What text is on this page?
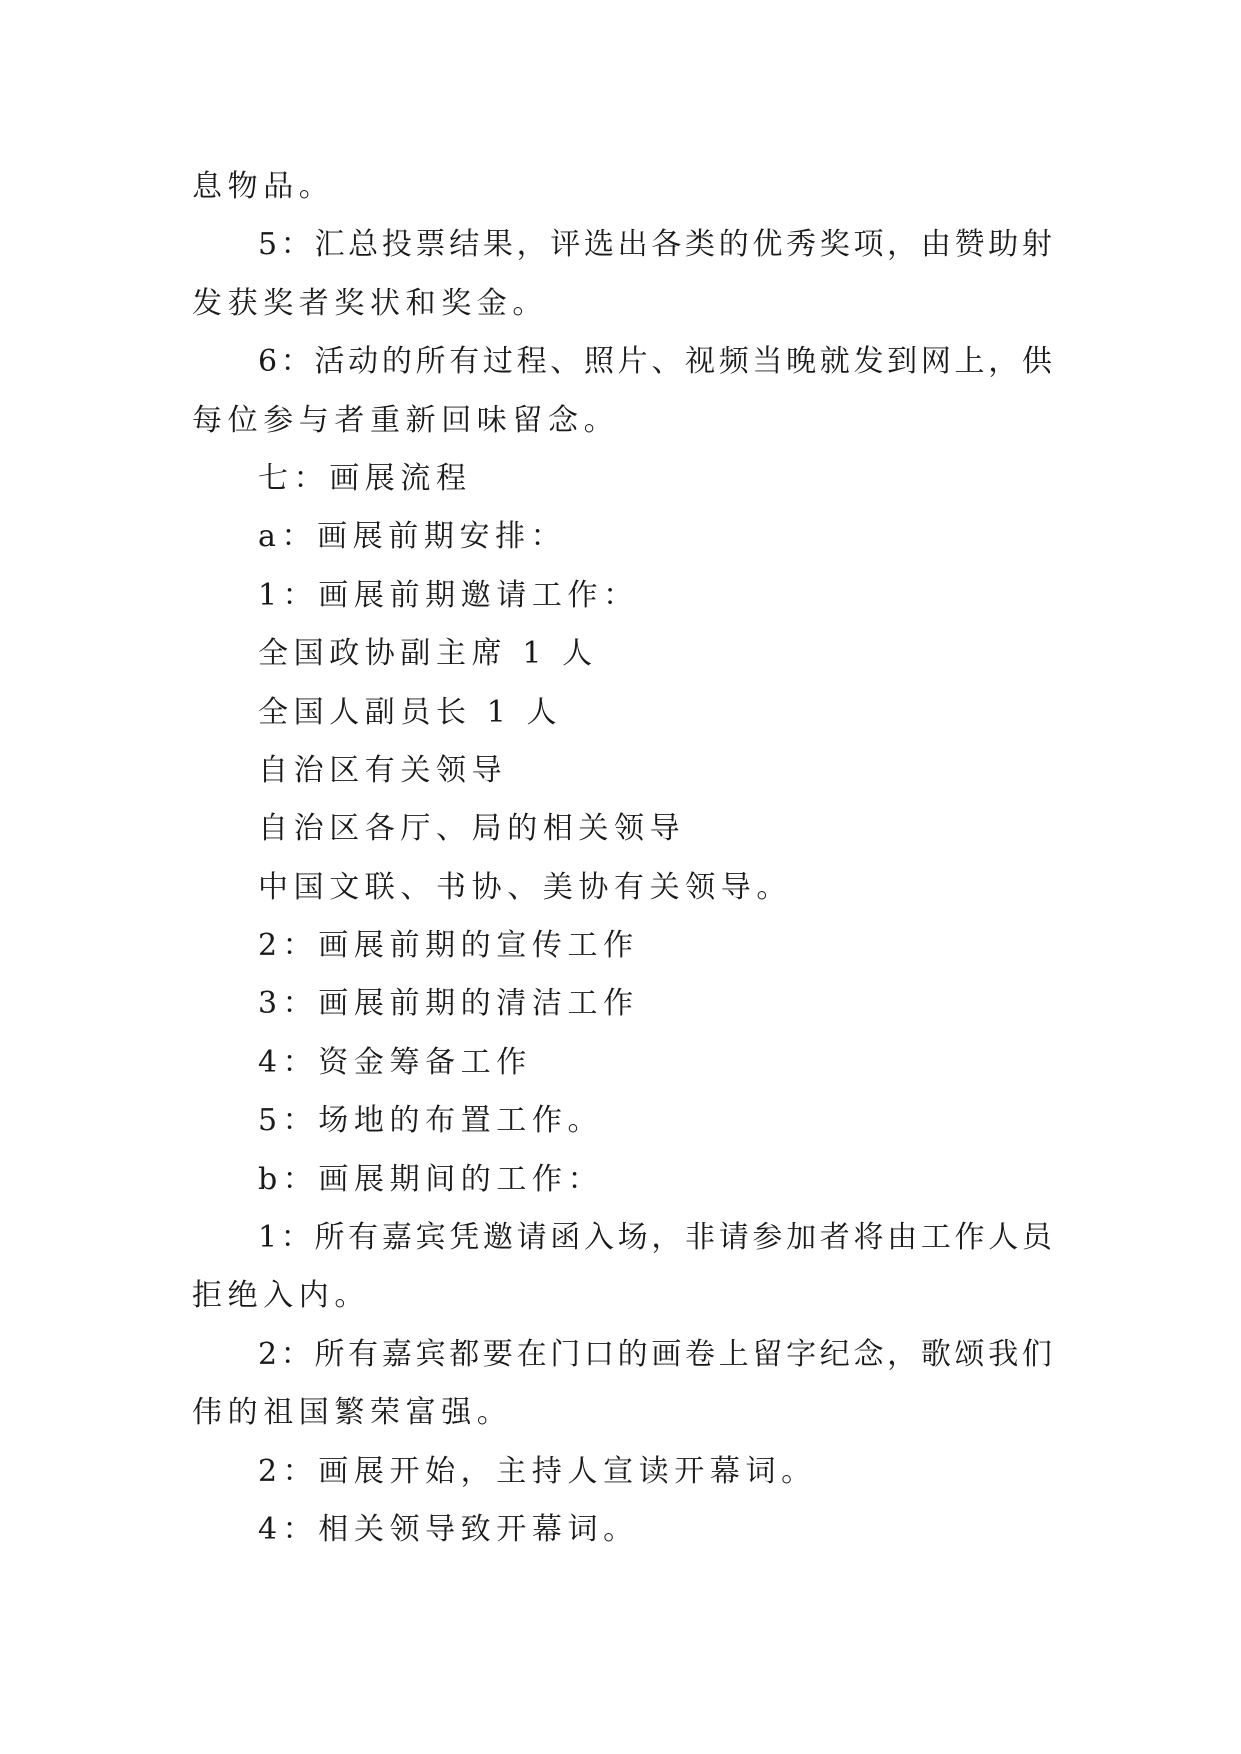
息物品。
5 ： 汇 总 投 票 结 果 ， 评 选 出 各 类 的 优 秀 奖 项 ， 由 赞 助 射
发获奖者奖状和奖金。
6 ： 活 动 的 所 有 过 程 、 照 片 、 视 频 当 晚 就 发 到 网 上 ， 供
每位参与者重新回味留念。
七：画展流程
a：画展前期安排：
1：画展前期邀请工作：
全国政协副主席 1 人
全国人副员长 1 人
自治区有关领导
自治区各厅、局的相关领导
中国文联、书协、美协有关领导。
2：画展前期的宣传工作
3：画展前期的清洁工作
4：资金筹备工作
5：场地的布置工作。
b：画展期间的工作：
1 ： 所 有 嘉 宾 凭 邀 请 函 入 场 ， 非 请 参 加 者 将 由 工 作 人 员
拒绝入内。
2 ： 所 有 嘉 宾 都 要 在 门 口 的 画 卷 上 留 字 纪 念 ， 歌 颂 我 们
伟的祖国繁荣富强。
2：画展开始，主持人宣读开幕词。
4：相关领导致开幕词。
